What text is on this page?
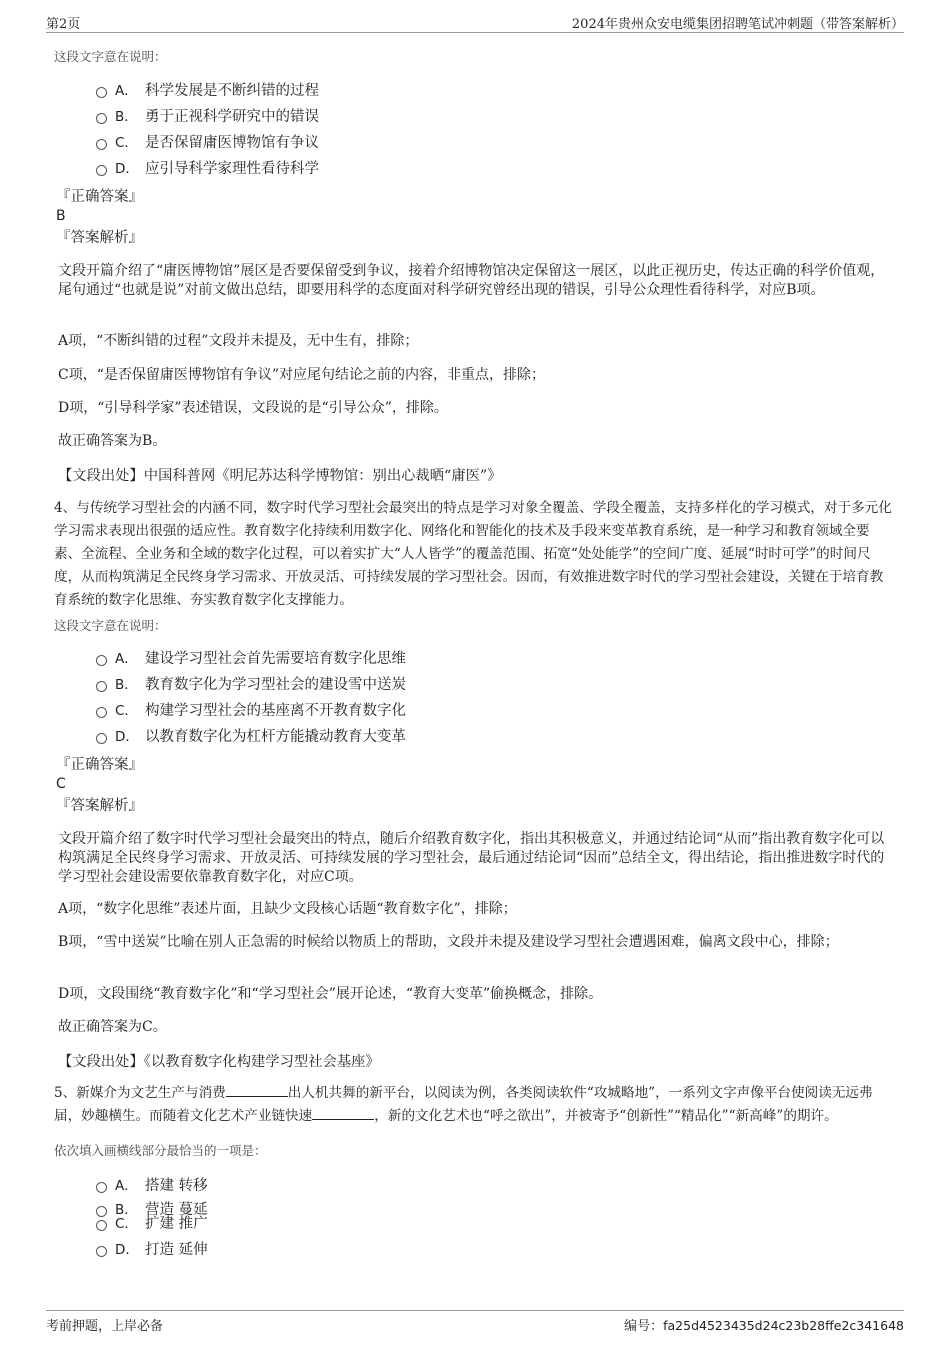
第2页	2024年贵州众安电缆集团招聘笔试冲刺题（带答案解析）
这段文字意在说明：
A． 科学发展是不断纠错的过程
B． 勇于正视科学研究中的错误
C． 是否保留庸医博物馆有争议
D． 应引导科学家理性看待科学
『正确答案』
B
『答案解析』
文段开篇介绍了“庸医博物馆”展区是否要保留受到争议，接着介绍博物馆决定保留这一展区，以此正视历史，传达正确的科学价值观，尾句通过“也就是说”对前文做出总结，即要用科学的态度面对科学研究曾经出现的错误，引导公众理性看待科学，对应B项。
A项，“不断纠错的过程”文段并未提及，无中生有，排除；
C项，“是否保留庸医博物馆有争议”对应尾句结论之前的内容，非重点，排除；
D项，“引导科学家”表述错误，文段说的是“引导公众”，排除。
故正确答案为B。
【文段出处】中国科普网《明尼苏达科学博物馆：别出心裁晒“庸医”》
4、与传统学习型社会的内涵不同，数字时代学习型社会最突出的特点是学习对象全覆盖、学段全覆盖，支持多样化的学习模式，对于多元化学习需求表现出很强的适应性。教育数字化持续利用数字化、网络化和智能化的技术及手段来变革教育系统，是一种学习和教育领域全要素、全流程、全业务和全域的数字化过程，可以着实扩大“人人皆学”的覆盖范围、拓宽“处处能学”的空间广度、延展“时时可学”的时间尺度，从而构筑满足全民终身学习需求、开放灵活、可持续发展的学习型社会。因而，有效推进数字时代的学习型社会建设，关键在于培育教育系统的数字化思维、夯实教育数字化支撑能力。
这段文字意在说明：
A． 建设学习型社会首先需要培育数字化思维
B． 教育数字化为学习型社会的建设雪中送炭
C． 构建学习型社会的基座离不开教育数字化
D． 以教育数字化为杠杆方能撬动教育大变革
『正确答案』
C
『答案解析』
文段开篇介绍了数字时代学习型社会最突出的特点，随后介绍教育数字化，指出其积极意义，并通过结论词“从而”指出教育数字化可以构筑满足全民终身学习需求、开放灵活、可持续发展的学习型社会，最后通过结论词“因而”总结全文，得出结论，指出推进数字时代的学习型社会建设需要依靠教育数字化，对应C项。
A项，“数字化思维”表述片面，且缺少文段核心话题“教育数字化”，排除；
B项，“雪中送炭”比喻在别人正急需的时候给以物质上的帮助，文段并未提及建设学习型社会遭遇困难，偏离文段中心，排除；
D项，文段围绕“教育数字化”和“学习型社会”展开论述，“教育大变革”偷换概念，排除。
故正确答案为C。
【文段出处】《以教育数字化构建学习型社会基座》
5、新媒介为文艺生产与消费	出人机共舞的新平台，以阅读为例，各类阅读软件“攻城略地”，一系列文字声像平台使阅读无远弗届，妙趣横生。而随着文化艺术产业链快速	，新的文化艺术也“呼之欲出”，并被寄予“创新性”“精品化”“新高峰”的期许。
依次填入画横线部分最恰当的一项是：
A． 搭建 转移
B． 营造 蔓延
C． 扩建 推广
D． 打造 延伸
考前押题，上岸必备	编号：fa25d4523435d24c23b28ffe2c341648
